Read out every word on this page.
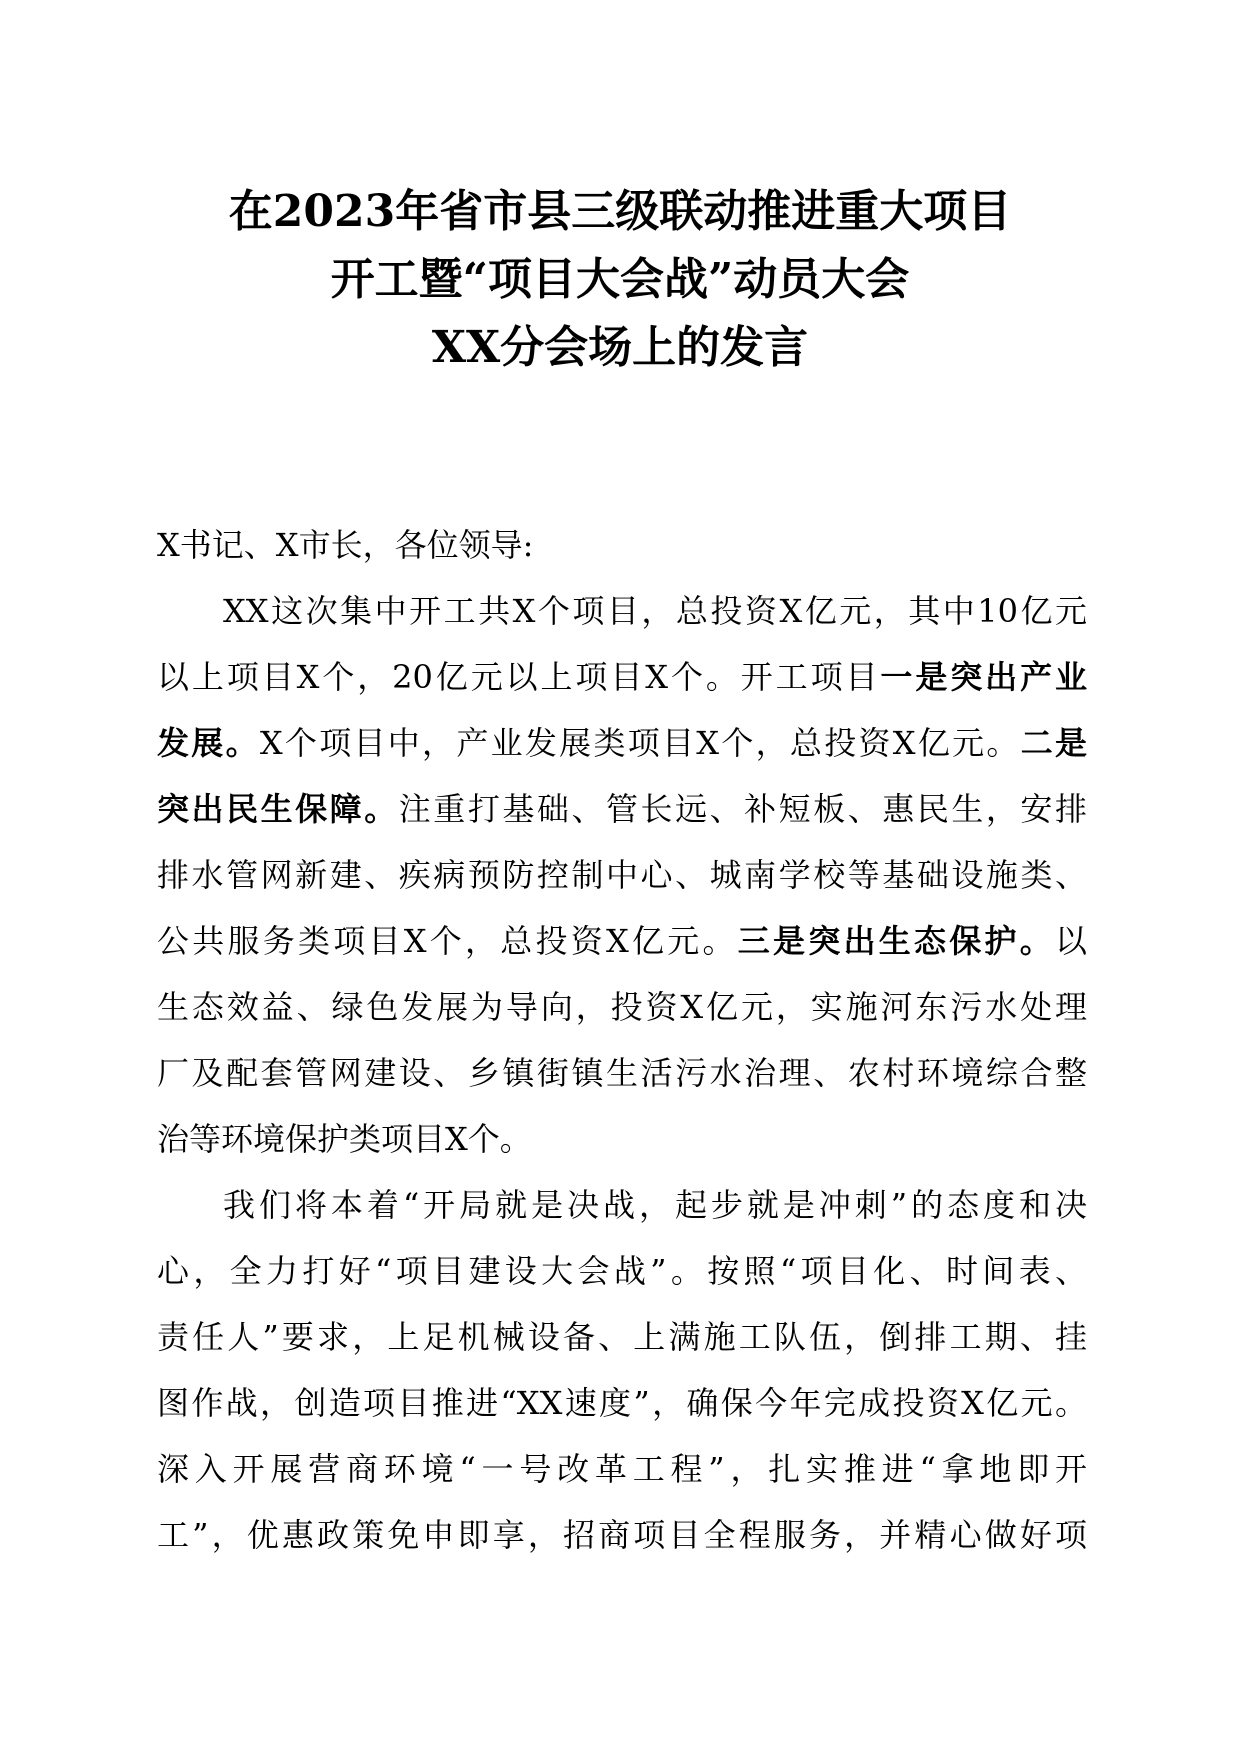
在2023年省市县三级联动推进重大项目
开工暨“项目大会战”动员大会
XX分会场上的发言
X书记、X市长，各位领导:
XX这次集中开工共X个项目，总投资X亿元，其中10亿元
以上项目X个，20亿元以上项目X个。开工项目一是突出产业
发展。X个项目中，产业发展类项目X个，总投资X亿元。二是
突出民生保障。注重打基础、管长远、补短板、惠民生，安排
排水管网新建、疾病预防控制中心、城南学校等基础设施类、
公共服务类项目X个，总投资X亿元。三是突出生态保护。以
生态效益、绿色发展为导向，投资X亿元，实施河东污水处理
厂及配套管网建设、乡镇街镇生活污水治理、农村环境综合整
治等环境保护类项目X个。
我们将本着“开局就是决战，起步就是冲刺”的态度和决
心，全力打好“项目建设大会战”。按照“项目化、时间表、
责任人”要求，上足机械设备、上满施工队伍，倒排工期、挂
图作战，创造项目推进“XX速度”，确保今年完成投资X亿元。
深入开展营商环境“一号改革工程”，扎实推进“拿地即开
工”，优惠政策免申即享，招商项目全程服务，并精心做好项
